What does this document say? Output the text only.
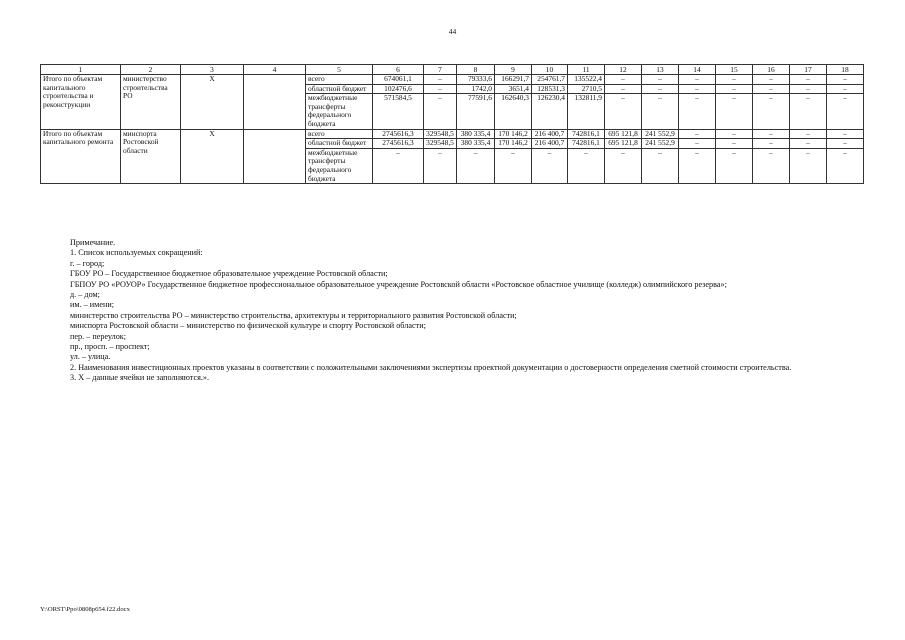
44
1	2	3	4	5	6	7	8	9	10	11	12	13	14	15	16	17	18
Итого по объектам капитального строительства и реконструкции	министерство строительства РО	Х		всего	674061,1	–	79333,6	166291,7	254761,7	135522,4	–	–	–	–	–	–	–
				областной бюджет	102476,6	–	1742,0	3651,4	128531,3	2710,5	–	–	–	–	–	–	–
				межбюджетные трансферты федерального бюджета	571584,5	–	77591,6	162640,3	126230,4	132811,9	–	–	–	–	–	–	–
Итого по объектам капитального ремонта	минспорта Ростовской области	Х		всего	2745616,3	329548,5	380 335,4	170 146,2	216 400,7	742816,1	695 121,8	241 552,9	–	–	–	–	–
				областной бюджет	2745616,3	329548,5	380 335,4	170 146,2	216 400,7	742816,1	695 121,8	241 552,9	–	–	–	–	–
				межбюджетные трансферты федерального бюджета	–	–	–	–	–	–	–	–	–	–	–	–	–

Примечание.

1. Список используемых сокращений:

г. – город;

ГБОУ РО – Государственное бюджетное образовательное учреждение Ростовской области;

ГБПОУ РО «РОУОР» Государственное бюджетное профессиональное образовательное учреждение Ростовской области «Ростовское областное училище (колледж) олимпийского резерва»;

д. – дом;

им. – имени;

министерство строительства РО – министерство строительства, архитектуры и территориального развития Ростовской области;

минспорта Ростовской области – министерство по физической культуре и спорту Ростовской области;

пер. – переулок;

пр., просп. – проспект;

ул. – улица.

2. Наименования инвестиционных проектов указаны в соответствии с положительными заключениями экспертизы проектной документации о достоверности определения сметной стоимости строительства.

3. Х – данные ячейки не заполняются.».

Y:\ORST\Ppo\0808p654.f22.docx
